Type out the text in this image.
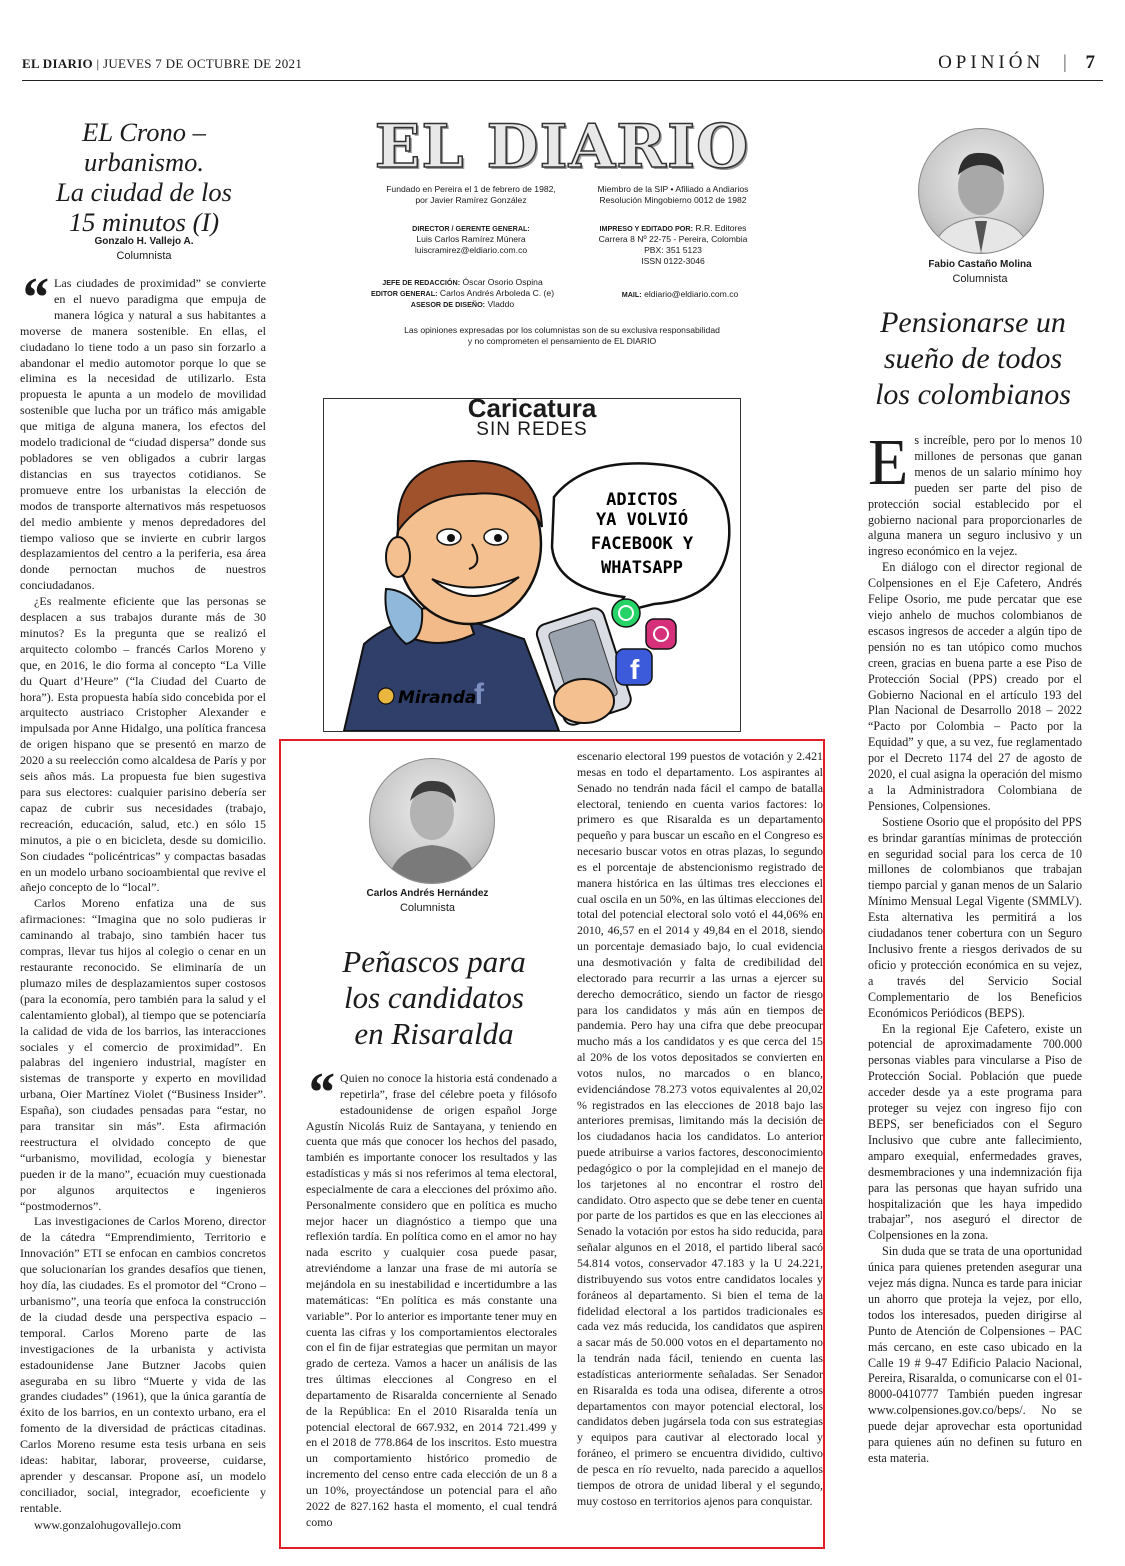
EL DIARIO | JUEVES 7 DE OCTUBRE DE 2021	OPINIÓN | 7
EL Crono – urbanismo.
La ciudad de los
15 minutos (I)
Gonzalo H. Vallejo A.
Columnista
“ Las ciudades de proximidad” se convierte en el nuevo paradigma que empuja de manera lógica y natural a sus habitantes a moverse de manera sostenible. En ellas, el ciudadano lo tiene todo a un paso sin forzarlo a abandonar el medio automotor porque lo que se elimina es la necesidad de utilizarlo. Esta propuesta le apunta a un modelo de movilidad sostenible que lucha por un tráfico más amigable que mitiga de alguna manera, los efectos del modelo tradicional de “ciudad dispersa” donde sus pobladores se ven obligados a cubrir largas distancias en sus trayectos cotidianos. Se promueve entre los urbanistas la elección de modos de transporte alternativos más respetuosos del medio ambiente y menos depredadores del tiempo valioso que se invierte en cubrir largos desplazamientos del centro a la periferia, esa área donde pernoctan muchos de nuestros conciudadanos.

¿Es realmente eficiente que las personas se desplacen a sus trabajos durante más de 30 minutos? Es la pregunta que se realizó el arquitecto colombo – francés Carlos Moreno y que, en 2016, le dio forma al concepto “La Ville du Quart d’Heure” (“la Ciudad del Cuarto de hora”). Esta propuesta había sido concebida por el arquitecto austriaco Cristopher Alexander e impulsada por Anne Hidalgo, una política francesa de origen hispano que se presentó en marzo de 2020 a su reelección como alcaldesa de París y por seis años más. La propuesta fue bien sugestiva para sus electores: cualquier parisino debería ser capaz de cubrir sus necesidades (trabajo, recreación, educación, salud, etc.) en sólo 15 minutos, a pie o en bicicleta, desde su domicilio. Son ciudades “policéntricas” y compactas basadas en un modelo urbano socioambiental que revive el añejo concepto de lo “local”.

Carlos Moreno enfatiza una de sus afirmaciones: “Imagina que no solo pudieras ir caminando al trabajo, sino también hacer tus compras, llevar tus hijos al colegio o cenar en un restaurante reconocido. Se eliminaría de un plumazo miles de desplazamientos super costosos (para la economía, pero también para la salud y el calentamiento global), al tiempo que se potenciaría la calidad de vida de los barrios, las interacciones sociales y el comercio de proximidad”. En palabras del ingeniero industrial, magíster en sistemas de transporte y experto en movilidad urbana, Oier Martínez Violet (“Business Insider”. España), son ciudades pensadas para “estar, no para transitar sin más”. Esta afirmación reestructura el olvidado concepto de que “urbanismo, movilidad, ecología y bienestar pueden ir de la mano”, ecuación muy cuestionada por algunos arquitectos e ingenieros “postmodernos”.

Las investigaciones de Carlos Moreno, director de la cátedra “Emprendimiento, Territorio e Innovación” ETI se enfocan en cambios concretos que solucionarían los grandes desafíos que tienen, hoy día, las ciudades. Es el promotor del “Crono – urbanismo”, una teoría que enfoca la construcción de la ciudad desde una perspectiva espacio – temporal. Carlos Moreno parte de las investigaciones de la urbanista y activista estadounidense Jane Butzner Jacobs quien aseguraba en su libro “Muerte y vida de las grandes ciudades” (1961), que la única garantía de éxito de los barrios, en un contexto urbano, era el fomento de la diversidad de prácticas citadinas. Carlos Moreno resume esta tesis urbana en seis ideas: habitar, laborar, proveerse, cuidarse, aprender y descansar. Propone así, un modelo conciliador, social, integrador, ecoeficiente y rentable.

www.gonzalohugovallejo.com

EL DIARIO
Fundado en Pereira el 1 de febrero de 1982,
por Javier Ramírez González
Miembro de la SIP • Afiliado a Andiarios
Resolución Mingobierno 0012 de 1982
DIRECTOR / GERENTE GENERAL:
Luis Carlos Ramírez Múnera
luiscramirez@eldiario.com.co
IMPRESO Y EDITADO POR: R.R. Editores
Carrera 8 Nº 22-75 - Pereira, Colombia
PBX: 351 5123
ISSN 0122-3046
JEFE DE REDACCIÓN: Óscar Osorio Ospina
EDITOR GENERAL: Carlos Andrés Arboleda C. (e)
ASESOR DE DISEÑO: Vladdo
MAIL: eldiario@eldiario.com.co
Las opiniones expresadas por los columnistas son de su exclusiva responsabilidad
y no comprometen el pensamiento de EL DIARIO
Caricatura
SIN REDES
f
ADICTOS
YA VOLVIÓ
FACEBOOK Y
WHATSAPP
f
Miranda
Carlos Andrés Hernández
Columnista
Peñascos para
los candidatos
en Risaralda
“ Quien no conoce la historia está condenado a repetirla”, frase del célebre poeta y filósofo estadounidense de origen español Jorge Agustín Nicolás Ruiz de Santayana, y teniendo en cuenta que más que conocer los hechos del pasado, también es importante conocer los resultados y las estadísticas y más si nos referimos al tema electoral, especialmente de cara a elecciones del próximo año. Personalmente considero que en política es mucho mejor hacer un diagnóstico a tiempo que una reflexión tardía. En política como en el amor no hay nada escrito y cualquier cosa puede pasar, atreviéndome a lanzar una frase de mi autoría se mejándola en su inestabilidad e incertidumbre a las matemáticas: “En política es más constante una variable”. Por lo anterior es importante tener muy en cuenta las cifras y los comportamientos electorales con el fin de fijar estrategias que permitan un mayor grado de certeza. Vamos a hacer un análisis de las tres últimas elecciones al Congreso en el departamento de Risaralda concerniente al Senado de la República: En el 2010 Risaralda tenía un potencial electoral de 667.932, en 2014 721.499 y en el 2018 de 778.864 de los inscritos. Esto muestra un comportamiento histórico promedio de incremento del censo entre cada elección de un 8 a un 10%, proyectándose un potencial para el año 2022 de 827.162 hasta el momento, el cual tendrá como

escenario electoral 199 puestos de votación y 2.421 mesas en todo el departamento. Los aspirantes al Senado no tendrán nada fácil el campo de batalla electoral, teniendo en cuenta varios factores: lo primero es que Risaralda es un departamento pequeño y para buscar un escaño en el Congreso es necesario buscar votos en otras plazas, lo segundo es el porcentaje de abstencionismo registrado de manera histórica en las últimas tres elecciones el cual oscila en un 50%, en las últimas elecciones del total del potencial electoral solo votó el 44,06% en 2010, 46,57 en el 2014 y 49,84 en el 2018, siendo un porcentaje demasiado bajo, lo cual evidencia una desmotivación y falta de credibilidad del electorado para recurrir a las urnas a ejercer su derecho democrático, siendo un factor de riesgo para los candidatos y más aún en tiempos de pandemia. Pero hay una cifra que debe preocupar mucho más a los candidatos y es que cerca del 15 al 20% de los votos depositados se convierten en votos nulos, no marcados o en blanco, evidenciándose 78.273 votos equivalentes al 20,02 % registrados en las elecciones de 2018 bajo las anteriores premisas, limitando más la decisión de los ciudadanos hacia los candidatos. Lo anterior puede atribuirse a varios factores, desconocimiento pedagógico o por la complejidad en el manejo de los tarjetones al no encontrar el rostro del candidato. Otro aspecto que se debe tener en cuenta por parte de los partidos es que en las elecciones al Senado la votación por estos ha sido reducida, para señalar algunos en el 2018, el partido liberal sacó 54.814 votos, conservador 47.183 y la U 24.221, distribuyendo sus votos entre candidatos locales y foráneos al departamento. Si bien el tema de la fidelidad electoral a los partidos tradicionales es cada vez más reducida, los candidatos que aspiren a sacar más de 50.000 votos en el departamento no la tendrán nada fácil, teniendo en cuenta las estadísticas anteriormente señaladas. Ser Senador en Risaralda es toda una odisea, diferente a otros departamentos con mayor potencial electoral, los candidatos deben jugársela toda con sus estrategias y equipos para cautivar al electorado local y foráneo, el primero se encuentra dividido, cultivo de pesca en río revuelto, nada parecido a aquellos tiempos de otrora de unidad liberal y el segundo, muy costoso en territorios ajenos para conquistar.

Fabio Castaño Molina
Columnista
Pensionarse un
sueño de todos
los colombianos
E s increíble, pero por lo menos 10 millones de personas que ganan menos de un salario mínimo hoy pueden ser parte del piso de protección social establecido por el gobierno nacional para proporcionarles de alguna manera un seguro inclusivo y un ingreso económico en la vejez.

En diálogo con el director regional de Colpensiones en el Eje Cafetero, Andrés Felipe Osorio, me pude percatar que ese viejo anhelo de muchos colombianos de escasos ingresos de acceder a algún tipo de pensión no es tan utópico como muchos creen, gracias en buena parte a ese Piso de Protección Social (PPS) creado por el Gobierno Nacional en el artículo 193 del Plan Nacional de Desarrollo 2018 – 2022 “Pacto por Colombia – Pacto por la Equidad” y que, a su vez, fue reglamentado por el Decreto 1174 del 27 de agosto de 2020, el cual asigna la operación del mismo a la Administradora Colombiana de Pensiones, Colpensiones.

Sostiene Osorio que el propósito del PPS es brindar garantías mínimas de protección en seguridad social para los cerca de 10 millones de colombianos que trabajan tiempo parcial y ganan menos de un Salario Mínimo Mensual Legal Vigente (SMMLV). Esta alternativa les permitirá a los ciudadanos tener cobertura con un Seguro Inclusivo frente a riesgos derivados de su oficio y protección económica en su vejez, a través del Servicio Social Complementario de los Beneficios Económicos Periódicos (BEPS).

En la regional Eje Cafetero, existe un potencial de aproximadamente 700.000 personas viables para vincularse a Piso de Protección Social. Población que puede acceder desde ya a este programa para proteger su vejez con ingreso fijo con BEPS, ser beneficiados con el Seguro Inclusivo que cubre ante fallecimiento, amparo exequial, enfermedades graves, desmembraciones y una indemnización fija para las personas que hayan sufrido una hospitalización que les haya impedido trabajar”, nos aseguró el director de Colpensiones en la zona.

Sin duda que se trata de una oportunidad única para quienes pretenden asegurar una vejez más digna. Nunca es tarde para iniciar un ahorro que proteja la vejez, por ello, todos los interesados, pueden dirigirse al Punto de Atención de Colpensiones – PAC más cercano, en este caso ubicado en la Calle 19 # 9-47 Edificio Palacio Nacional, Pereira, Risaralda, o comunicarse con el 01-8000-0410777 También pueden ingresar www.colpensiones.gov.co/beps/. No se puede dejar aprovechar esta oportunidad para quienes aún no definen su futuro en esta materia.
